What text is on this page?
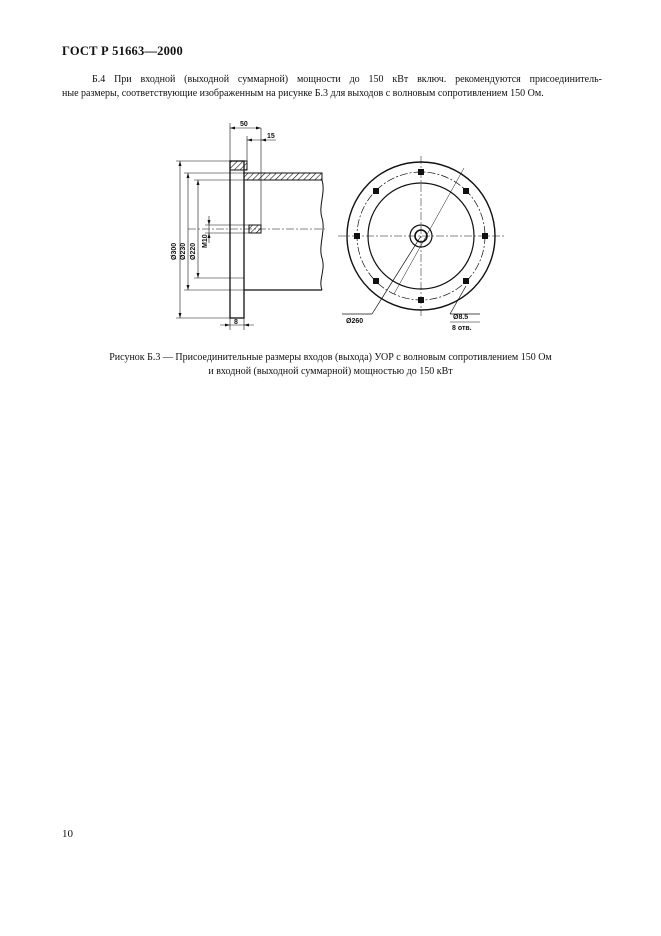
ГОСТ Р 51663—2000
Б.4 При входной (выходной суммарной) мощности до 150 кВт включ. рекомендуются присоединитель-
ные размеры, соответствующие изображенным на рисунке Б.3 для выходов с волновым сопротивлением 150 Ом.
50
15
8
Ø300 Ø230 Ø220
M10
Ø260
Ø8.5
8 отв.
Рисунок Б.3 — Присоединительные размеры входов (выхода) УОР с волновым сопротивлением 150 Ом
и входной (выходной суммарной) мощностью до 150 кВт
10
